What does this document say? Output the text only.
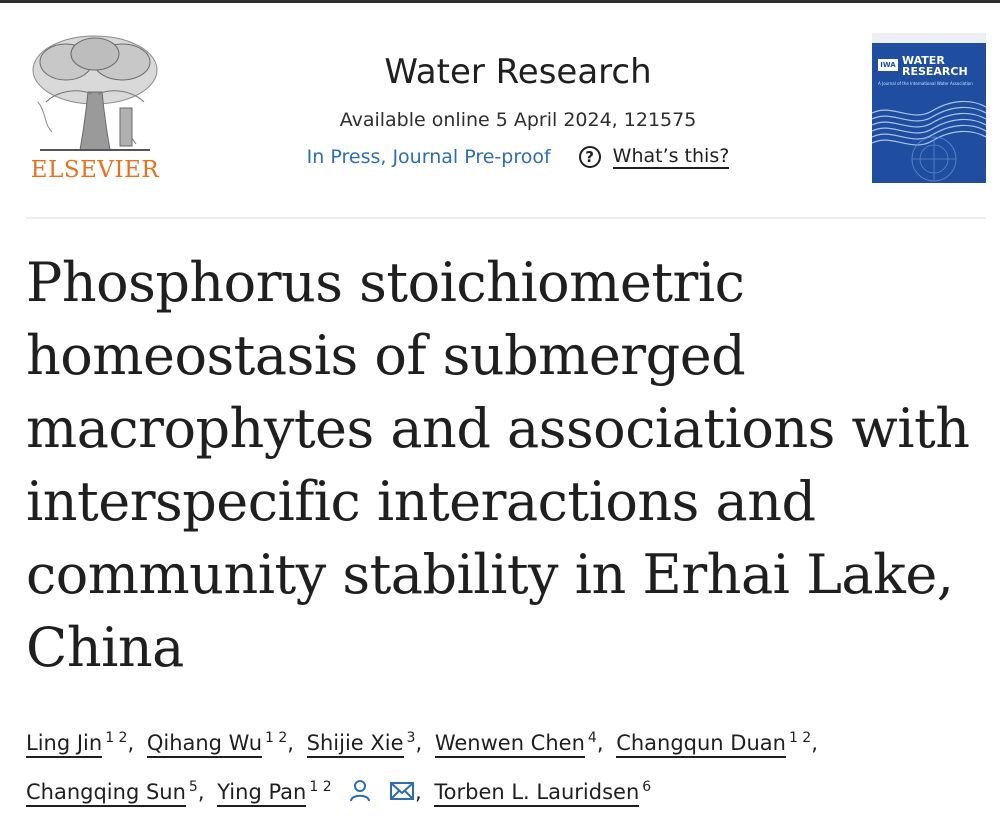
ELSEVIER
Water Research
Available online 5 April 2024, 121575
In Press, Journal Pre-proof	? What’s this?
IWA WATER RESEARCH
A Journal of the International Water Association
Phosphorus stoichiometric homeostasis of submerged macrophytes and associations with interspecific interactions and community stability in Erhai Lake, China
Ling Jin $^{1 2}$, Qihang Wu $^{1 2}$, Shijie Xie $^3$, Wenwen Chen $^4$, Changqun Duan $^{1 2}$,
Changqing Sun $^5$, Ying Pan $^{1 2}$	, Torben L. Lauridsen $^6$
